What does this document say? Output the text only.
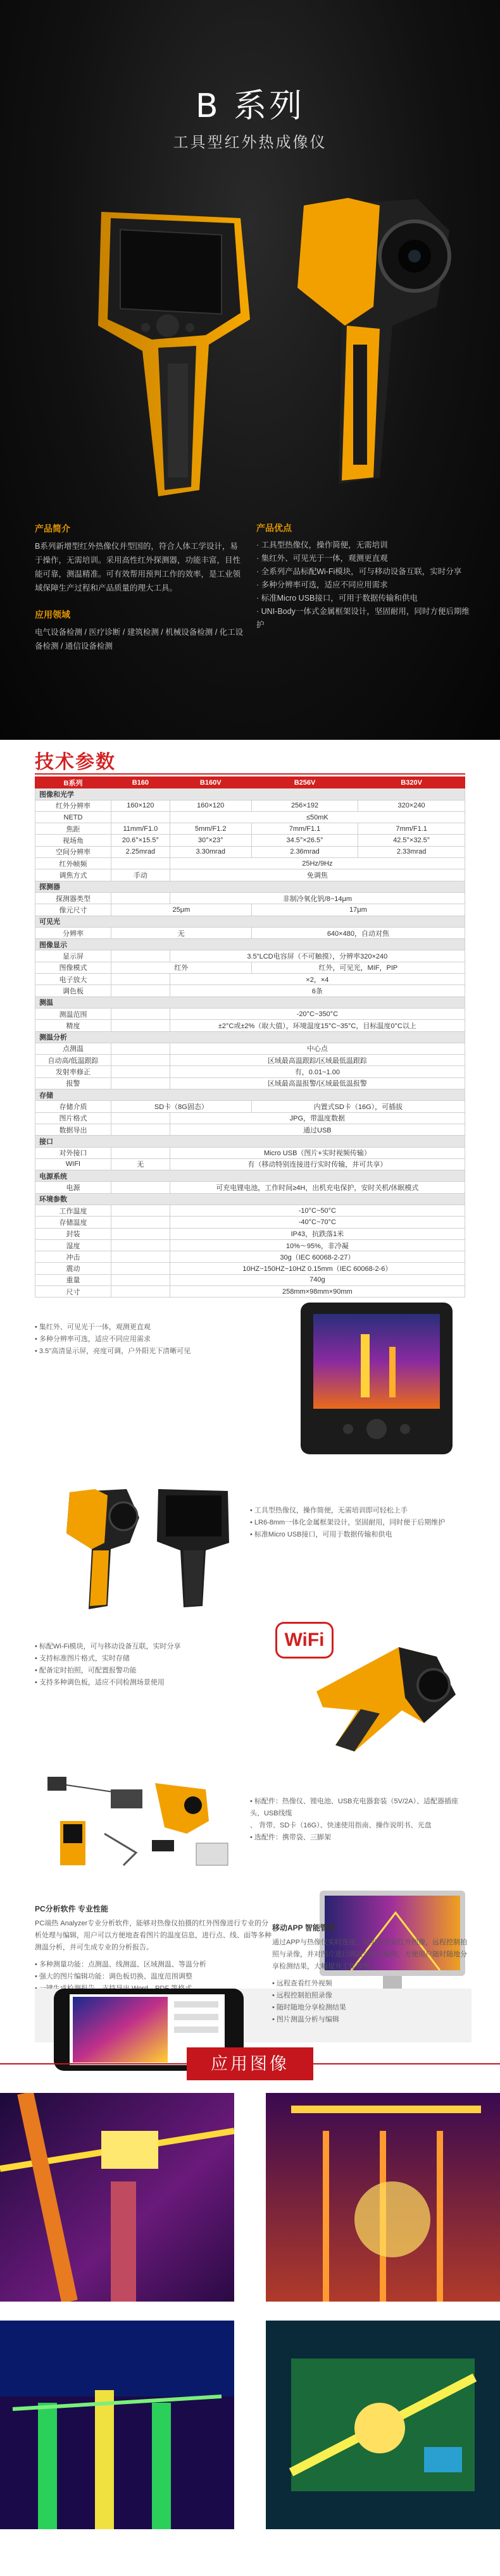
B 系列
工具型红外热成像仪
产品简介

B系列新增型红外热像仪并型国的，符合人体工学设计，易于操作，无需培训。采用高性红外探测器，功能丰富，目性能可靠，测温精准。可有效帮用预判工作的效率，是工业领域保障生产过程和产品质量的理大工具。

应用领域

电气设备检测 / 医疗诊断 / 建筑检测 / 机械设备检测 / 化工设备检测 / 通信设备检测

产品优点
· 工具型热像仪，操作简便，无需培训
· 集红外、可见光于一体，观测更直观
· 全系列产品标配Wi-Fi模块，可与移动设备互联，实时分享
· 多种分辨率可选，适应不同应用需求
· 标准Micro USB接口，可用于数据传输和供电
· UNI-Body一体式金属框架设计，坚固耐用，同时方便后期维护
技术参数
B系列	B160	B160V	B256V	B320V
图像和光学				
红外分辨率	160×120	160×120	256×192	320×240
NETD		≤50mK		
焦距	11mm/F1.0	5mm/F1.2	7mm/F1.1	7mm/F1.1
视场角	20.6°×15.5°	30°×23°	34.5°×26.5°	42.5°×32.5°
空间分辨率	2.25mrad	3.30mrad	2.36mrad	2.33mrad
红外帧频		25Hz/9Hz		
调焦方式	手动	免调焦		
探测器				
探测器类型		非制冷氧化钒/8~14μm		
像元尺寸	25μm		17μm	
可见光				
分辨率	无		640×480，自动对焦	
图像显示				
显示屏		3.5"LCD电容屏（不可触摸），分辨率320×240		
图像模式	红外		红外，可见光，MIF，PIP	
电子放大		×2，×4		
调色板		6条		
测温				
测温范围		-20°C~350°C		
精度		±2°C或±2%（取大值），环境温度15°C~35°C，目标温度0°C以上		
测温分析				
点测温		中心点		
自动高/低温跟踪		区域最高温跟踪/区域最低温跟踪		
发射率修正		有，0.01~1.00		
报警		区域最高温报警/区域最低温报警		
存储				
存储介质	SD卡（8G固态）		内置式SD卡（16G），可插拔	
图片格式		JPG，带温度数据		
数据导出		通过USB		
接口				
对外接口		Micro USB（图片+实时视频传输）		
WIFI	无	有（移动特别连接进行实时传输，并可共享）		
电源系统				
电源		可充电锂电池，工作时间≥4H，出机充电保护，安时关机/休眠模式		
环境参数				
工作温度		-10°C~50°C		
存储温度		-40°C~70°C		
封装		IP43，抗跌落1米		
湿度		10%～95%，非冷凝		
冲击		30g（IEC 60068-2-27）		
震动		10HZ~150HZ~10HZ 0.15mm（IEC 60068-2-6）		
重量		740g		
尺寸		258mm×98mm×90mm		
• 集红外、可见光于一体，观测更直观
• 多种分辨率可选，适应不同应用需求
• 3.5"高清显示屏，亮度可调，户外阳光下清晰可见
• 工具型热像仪，操作简便，无需培训即可轻松上手
• LR6-8mm一体化金属框架设计，坚固耐用，同时便于后期维护
• 标准Micro USB接口，可用于数据传输和供电
• 标配Wi-Fi模块，可与移动设备互联，实时分享
• 支持标准图片格式，实时存储
• 配备定时拍照，可配置报警功能
• 支持多种调色板，适应不同检测场景使用
WiFi
• 标配件：热像仪、锂电池、USB充电器套装（5V/2A）、适配器插座头、USB线缆
、 背带、SD卡（16G）、快速使用指南、操作说明书、光盘
• 选配件：携带袋、三脚架
PC分析软件 专业性能
PC端热 Analyzer专业分析软件，能够对热像仪拍摄的红外图像进行专业的分析处理与编辑，用户可以方便地查看图片的温度信息，进行点、线、面等多种测温分析，并可生成专业的分析报告。
• 多种测量功能：点测温、线测温、区域测温、等温分析
• 强大的图片编辑功能：调色板切换、温度范围调整
移动APP 智能管理
通过APP与热像仪实时连接，可实时查看红外图像，远程控制拍照与录像，并对图片进行测温分析与编辑，方便用户随时随地分享检测结果，大幅提升工作效率。
• 远程查看红外视频
• 远程控制拍照录像
• 随时随地分享检测结果
• 图片测温分析与编辑
应用图像
